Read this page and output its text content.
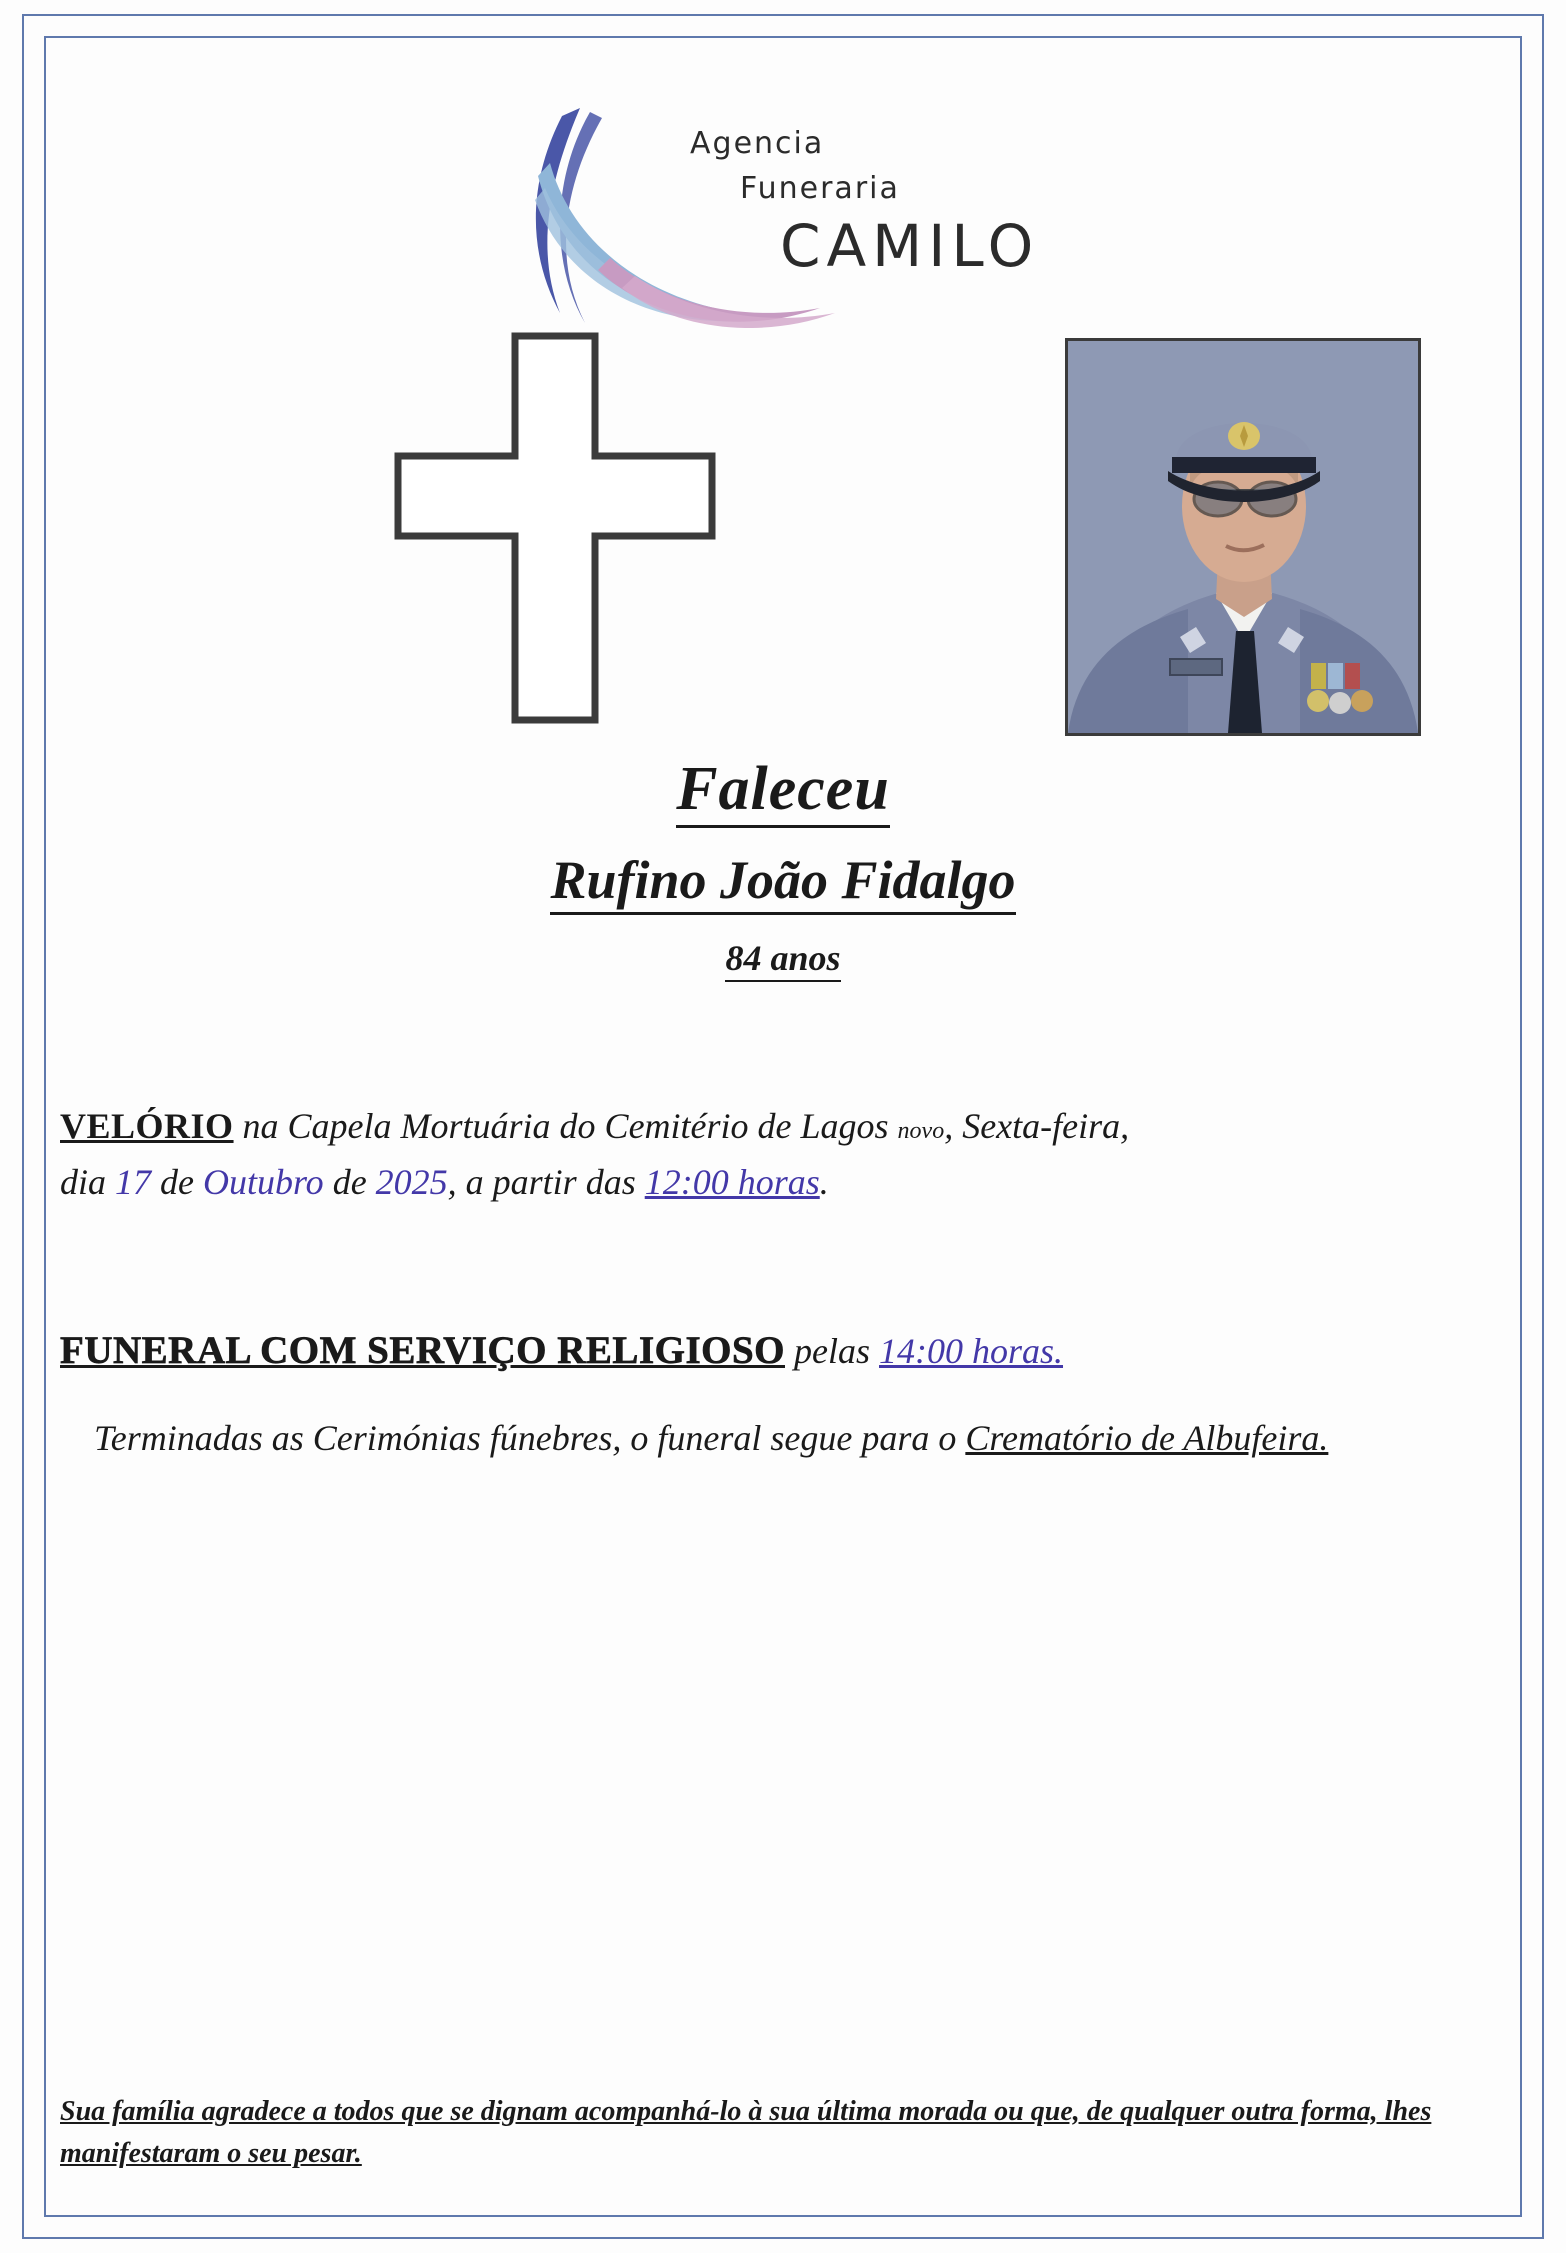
Agencia
Funeraria
CAMILO
Faleceu
Rufino João Fidalgo
84 anos
VELÓRIO na Capela Mortuária do Cemitério de Lagos novo, Sexta-feira,
dia 17 de Outubro de 2025, a partir das 12:00 horas.
FUNERAL COM SERVIÇO RELIGIOSO pelas 14:00 horas.
Terminadas as Cerimónias fúnebres, o funeral segue para o Crematório de Albufeira.
Sua família agradece a todos que se dignam acompanhá-lo à sua última morada ou que, de qualquer outra forma, lhes manifestaram o seu pesar.
